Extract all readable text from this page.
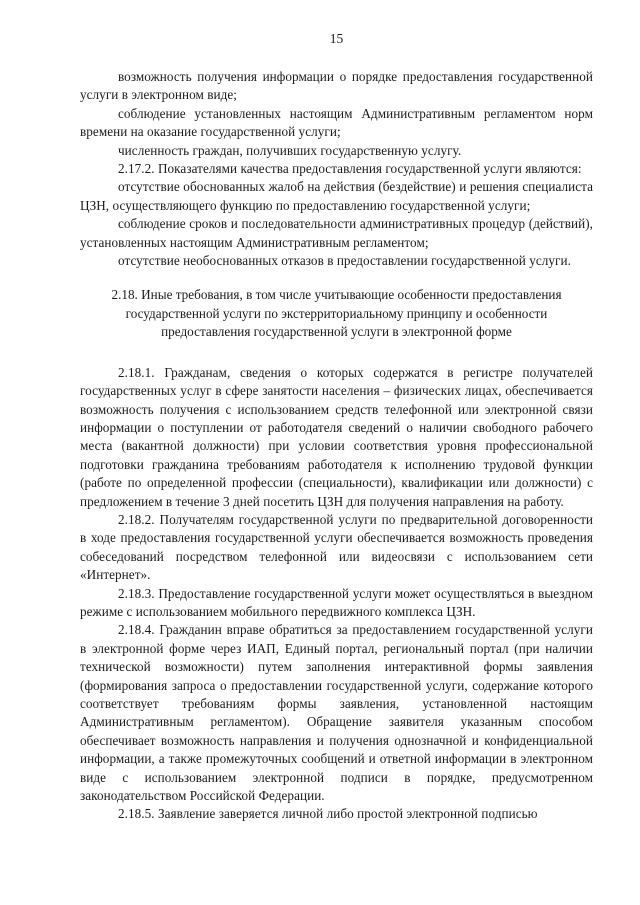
15

возможность получения информации о порядке предоставления государственной услуги в электронном виде;

соблюдение установленных настоящим Административным регламентом норм времени на оказание государственной услуги;

численность граждан, получивших государственную услугу.

2.17.2. Показателями качества предоставления государственной услуги являются:

отсутствие обоснованных жалоб на действия (бездействие) и решения специалиста ЦЗН, осуществляющего функцию по предоставлению государственной услуги;

соблюдение сроков и последовательности административных процедур (действий), установленных настоящим Административным регламентом;

отсутствие необоснованных отказов в предоставлении государственной услуги.

2.18. Иные требования, в том числе учитывающие особенности предоставления государственной услуги по экстерриториальному принципу и особенности предоставления государственной услуги в электронной форме

2.18.1. Гражданам, сведения о которых содержатся в регистре получателей государственных услуг в сфере занятости населения – физических лицах, обеспечивается возможность получения с использованием средств телефонной или электронной связи информации о поступлении от работодателя сведений о наличии свободного рабочего места (вакантной должности) при условии соответствия уровня профессиональной подготовки гражданина требованиям работодателя к исполнению трудовой функции (работе по определенной профессии (специальности), квалификации или должности) с предложением в течение 3 дней посетить ЦЗН для получения направления на работу.

2.18.2. Получателям государственной услуги по предварительной договоренности в ходе предоставления государственной услуги обеспечивается возможность проведения собеседований посредством телефонной или видеосвязи с использованием сети «Интернет».

2.18.3. Предоставление государственной услуги может осуществляться в выездном режиме с использованием мобильного передвижного комплекса ЦЗН.

2.18.4. Гражданин вправе обратиться за предоставлением государственной услуги в электронной форме через ИАП, Единый портал, региональный портал (при наличии технической возможности) путем заполнения интерактивной формы заявления (формирования запроса о предоставлении государственной услуги, содержание которого соответствует требованиям формы заявления, установленной настоящим Административным регламентом). Обращение заявителя указанным способом обеспечивает возможность направления и получения однозначной и конфиденциальной информации, а также промежуточных сообщений и ответной информации в электронном виде с использованием электронной подписи в порядке, предусмотренном законодательством Российской Федерации.

2.18.5. Заявление заверяется личной либо простой электронной подписью
